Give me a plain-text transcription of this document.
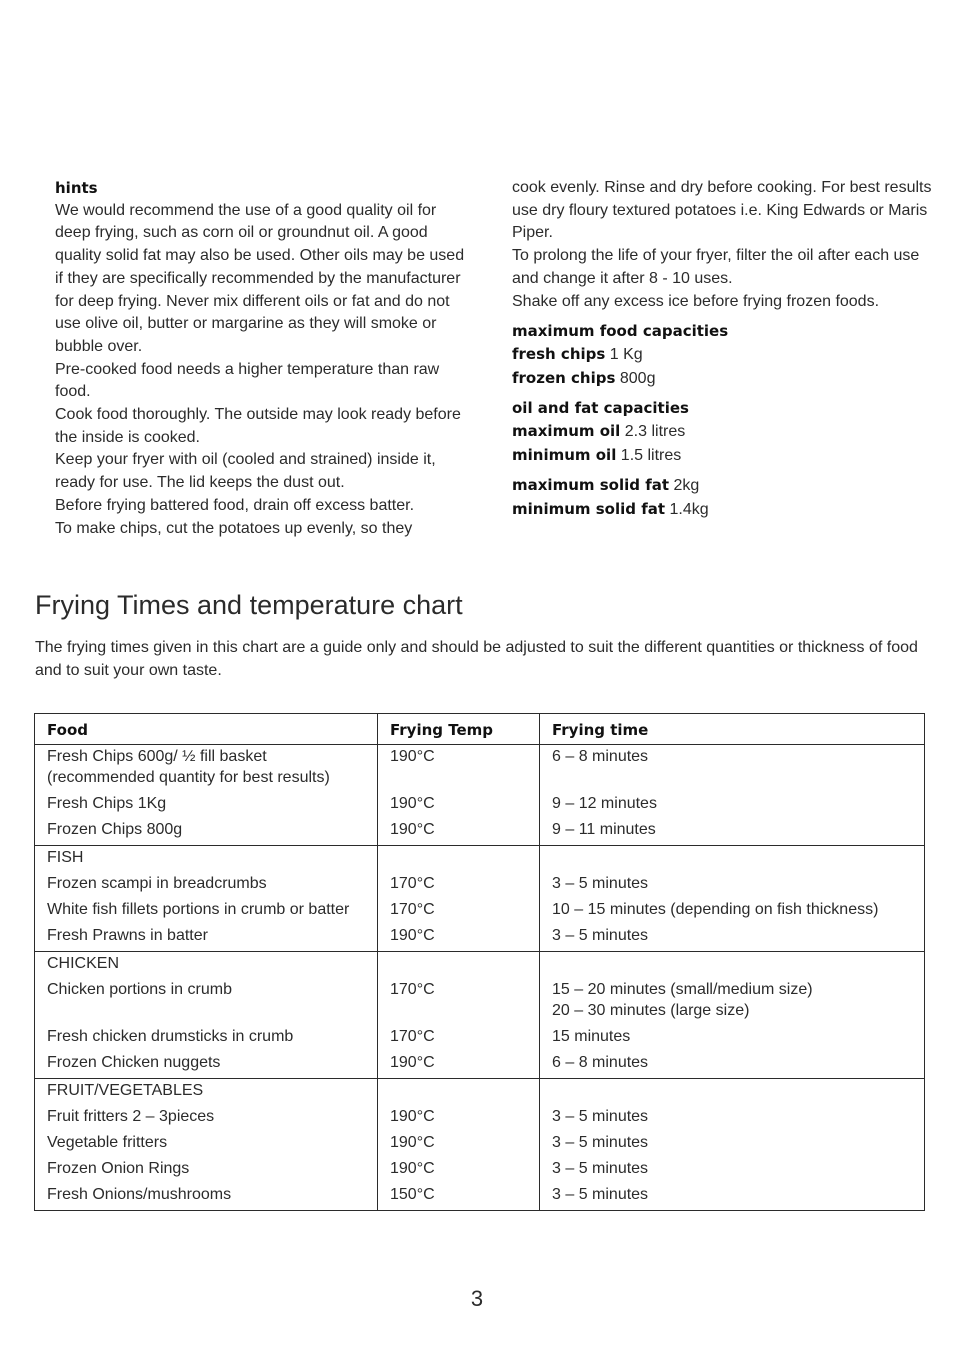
hints

We would recommend the use of a good quality oil for deep frying, such as corn oil or groundnut oil. A good quality solid fat may also be used. Other oils may be used if they are specifically recommended by the manufacturer for deep frying. Never mix different oils or fat and do not use olive oil, butter or margarine as they will smoke or bubble over.

Pre-cooked food needs a higher temperature than raw food.

Cook food thoroughly. The outside may look ready before the inside is cooked.

Keep your fryer with oil (cooled and strained) inside it, ready for use. The lid keeps the dust out.

Before frying battered food, drain off excess batter.

To make chips, cut the potatoes up evenly, so they

cook evenly. Rinse and dry before cooking. For best results use dry floury textured potatoes i.e. King Edwards or Maris Piper.

To prolong the life of your fryer, filter the oil after each use and change it after 8 - 10 uses.

Shake off any excess ice before frying frozen foods.

maximum food capacities
fresh chips 1 Kg
frozen chips 800g
oil and fat capacities
maximum oil 2.3 litres
minimum oil 1.5 litres
maximum solid fat 2kg
minimum solid fat 1.4kg
Frying Times and temperature chart

The frying times given in this chart are a guide only and should be adjusted to suit the different quantities or thickness of food and to suit your own taste.

Food	Frying Temp	Frying time

Fresh Chips 600g/ ½ fill basket
(recommended quantity for best results)	190°C	6 – 8 minutes

Fresh Chips 1Kg	190°C	9 – 12 minutes

Frozen Chips 800g	190°C	9 – 11 minutes

FISH		

Frozen scampi in breadcrumbs	170°C	3 – 5 minutes

White fish fillets portions in crumb or batter	170°C	10 – 15 minutes (depending on fish thickness)

Fresh Prawns in batter	190°C	3 – 5 minutes

CHICKEN		

Chicken portions in crumb	170°C	15 – 20 minutes (small/medium size)
20 – 30 minutes (large size)

Fresh chicken drumsticks in crumb	170°C	15 minutes

Frozen Chicken nuggets	190°C	6 – 8 minutes

FRUIT/VEGETABLES		

Fruit fritters 2 – 3pieces	190°C	3 – 5 minutes

Vegetable fritters	190°C	3 – 5 minutes

Frozen Onion Rings	190°C	3 – 5 minutes

Fresh Onions/mushrooms	150°C	3 – 5 minutes
3
